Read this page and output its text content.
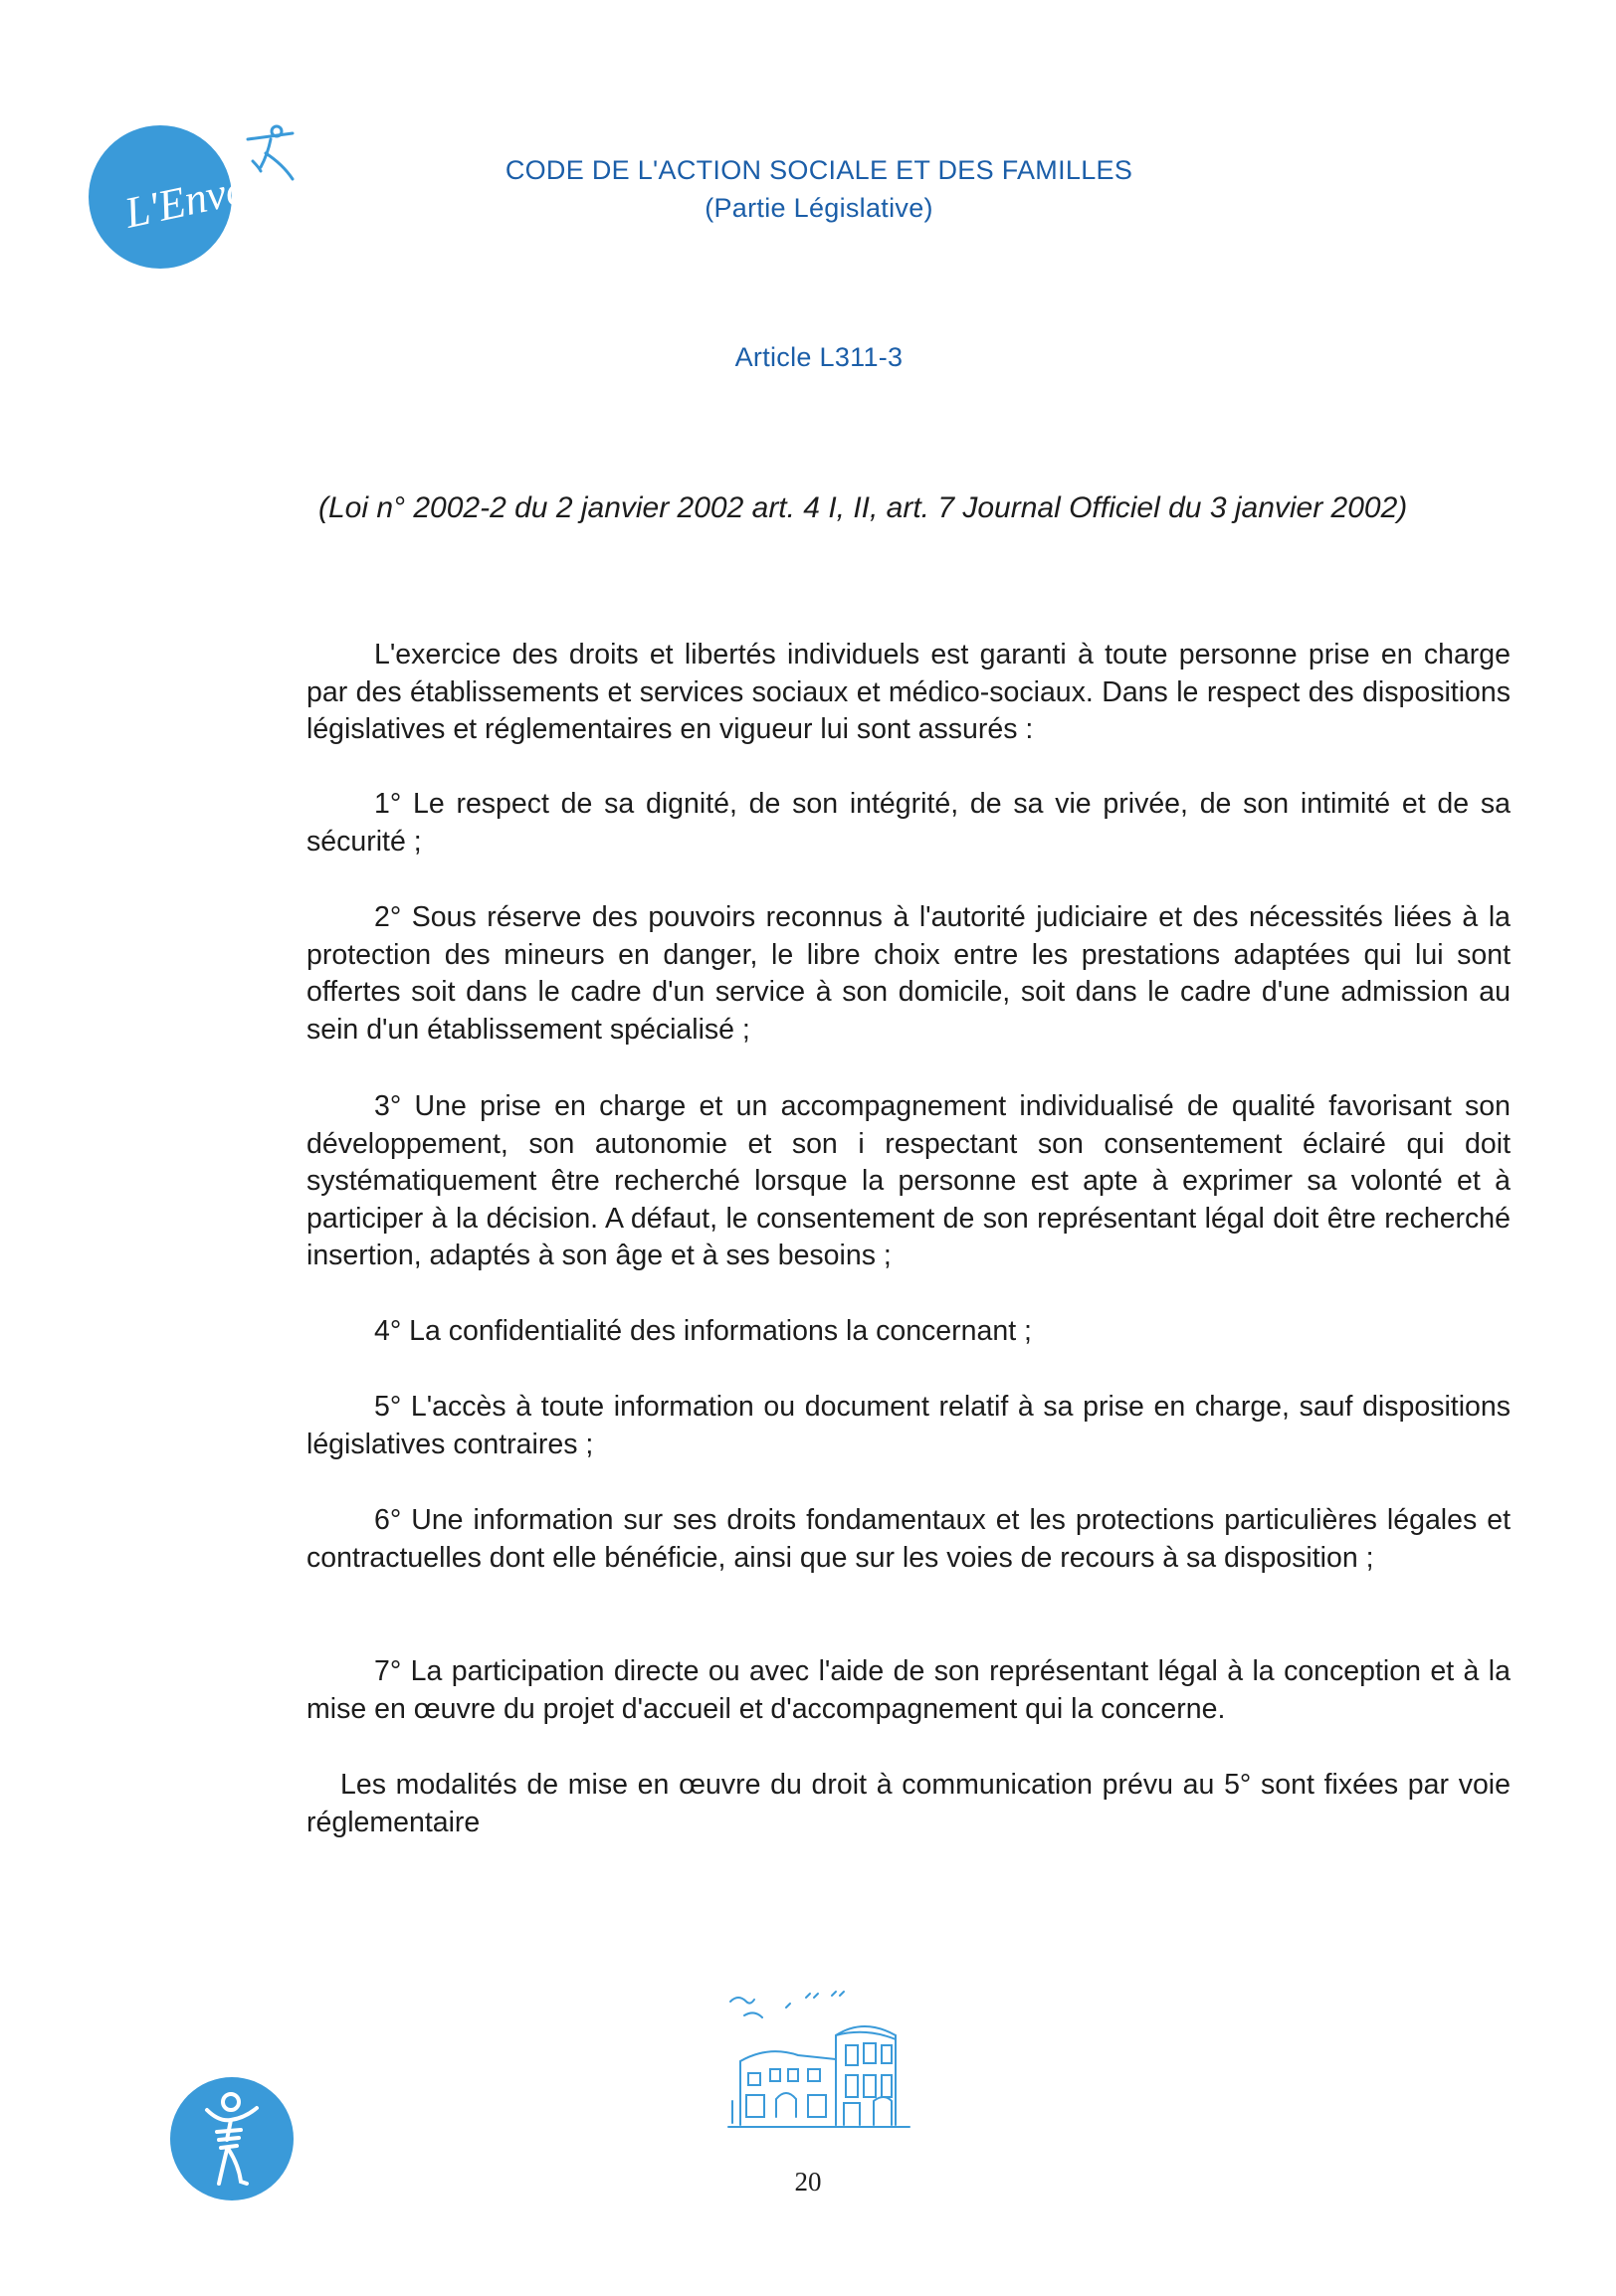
L'Envol	CODE DE L'ACTION SOCIALE ET DES FAMILLES
(Partie Législative)
Article L311-3
(Loi n° 2002-2 du 2 janvier 2002 art. 4 I, II, art. 7 Journal Officiel du 3 janvier 2002)
L'exercice des droits et libertés individuels est garanti à toute personne prise en charge par des établissements et services sociaux et médico-sociaux. Dans le respect des dispositions législatives et réglementaires en vigueur lui sont assurés :
1° Le respect de sa dignité, de son intégrité, de sa vie privée, de son intimité et de sa sécurité ;
2° Sous réserve des pouvoirs reconnus à l'autorité judiciaire et des nécessités liées à la protection des mineurs en danger, le libre choix entre les prestations adaptées qui lui sont offertes soit dans le cadre d'un service à son domicile, soit dans le cadre d'une admission au sein d'un établissement spécialisé ;
3° Une prise en charge et un accompagnement individualisé de qualité favorisant son développement, son autonomie et son i respectant son consentement éclairé qui doit systématiquement être recherché lorsque la personne est apte à exprimer sa volonté et à participer à la décision. A défaut, le consentement de son représentant légal doit être recherché insertion, adaptés à son âge et à ses besoins ;
4° La confidentialité des informations la concernant ;
5° L'accès à toute information ou document relatif à sa prise en charge, sauf dispositions législatives contraires ;
6° Une information sur ses droits fondamentaux et les protections particulières légales et contractuelles dont elle bénéficie, ainsi que sur les voies de recours à sa disposition ;
7° La participation directe ou avec l'aide de son représentant légal à la conception et à la mise en œuvre du projet d'accueil et d'accompagnement qui la concerne.
Les modalités de mise en œuvre du droit à communication prévu au 5° sont fixées par voie réglementaire
20
